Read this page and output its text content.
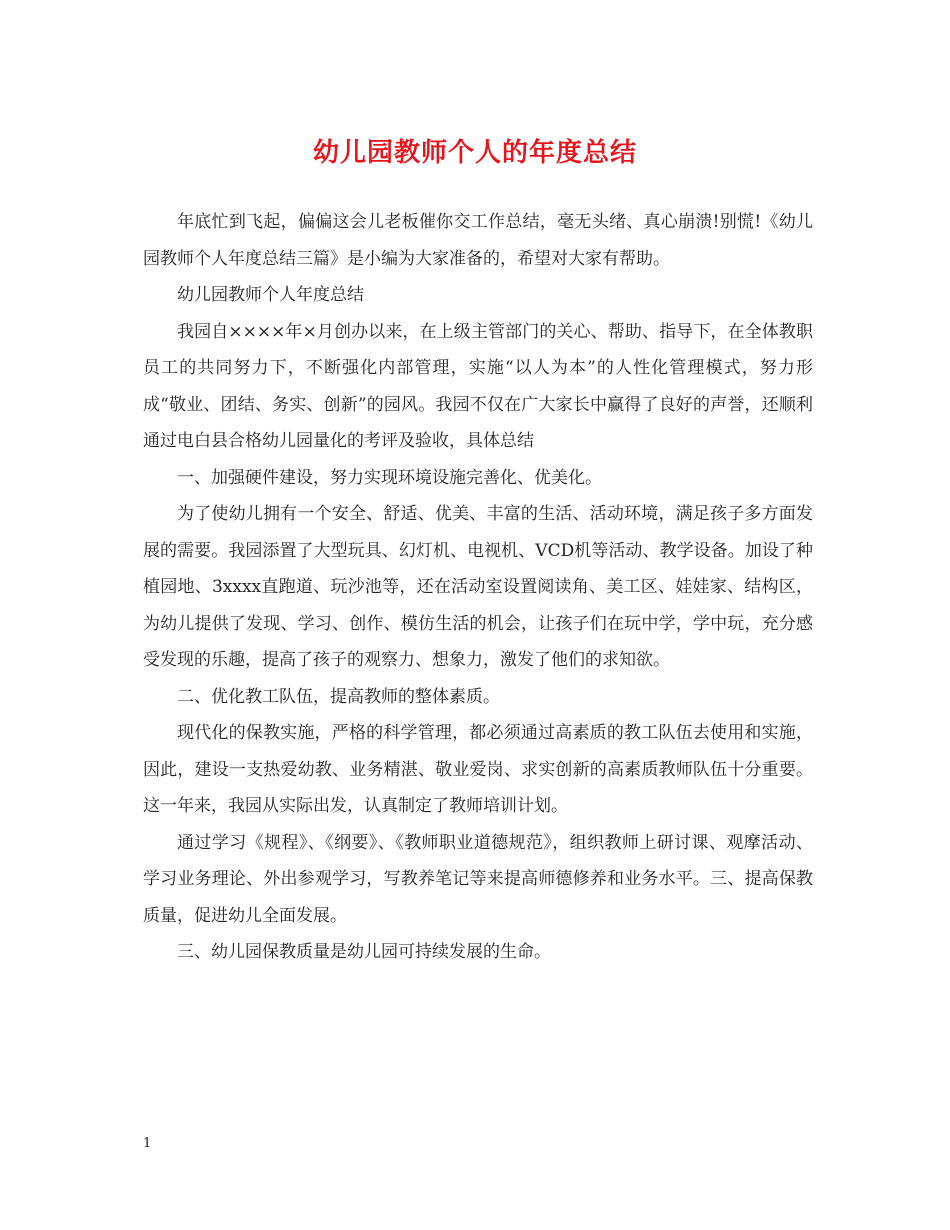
幼儿园教师个人的年度总结

年底忙到飞起，偏偏这会儿老板催你交工作总结，毫无头绪、真心崩溃!别慌!《幼儿园教师个人年度总结三篇》是小编为大家准备的，希望对大家有帮助。

幼儿园教师个人年度总结

我园自××××年×月创办以来，在上级主管部门的关心、帮助、指导下，在全体教职员工的共同努力下，不断强化内部管理，实施“以人为本”的人性化管理模式，努力形成“敬业、团结、务实、创新”的园风。我园不仅在广大家长中赢得了良好的声誉，还顺利通过电白县合格幼儿园量化的考评及验收，具体总结

一、加强硬件建设，努力实现环境设施完善化、优美化。

为了使幼儿拥有一个安全、舒适、优美、丰富的生活、活动环境，满足孩子多方面发展的需要。我园添置了大型玩具、幻灯机、电视机、VCD机等活动、教学设备。加设了种植园地、3xxxx直跑道、玩沙池等，还在活动室设置阅读角、美工区、娃娃家、结构区，为幼儿提供了发现、学习、创作、模仿生活的机会，让孩子们在玩中学，学中玩，充分感受发现的乐趣，提高了孩子的观察力、想象力，激发了他们的求知欲。

二、优化教工队伍，提高教师的整体素质。

现代化的保教实施，严格的科学管理，都必须通过高素质的教工队伍去使用和实施，因此，建设一支热爱幼教、业务精湛、敬业爱岗、求实创新的高素质教师队伍十分重要。这一年来，我园从实际出发，认真制定了教师培训计划。

通过学习《规程》、《纲要》、《教师职业道德规范》，组织教师上研讨课、观摩活动、学习业务理论、外出参观学习，写教养笔记等来提高师德修养和业务水平。三、提高保教质量，促进幼儿全面发展。

三、幼儿园保教质量是幼儿园可持续发展的生命。

1
